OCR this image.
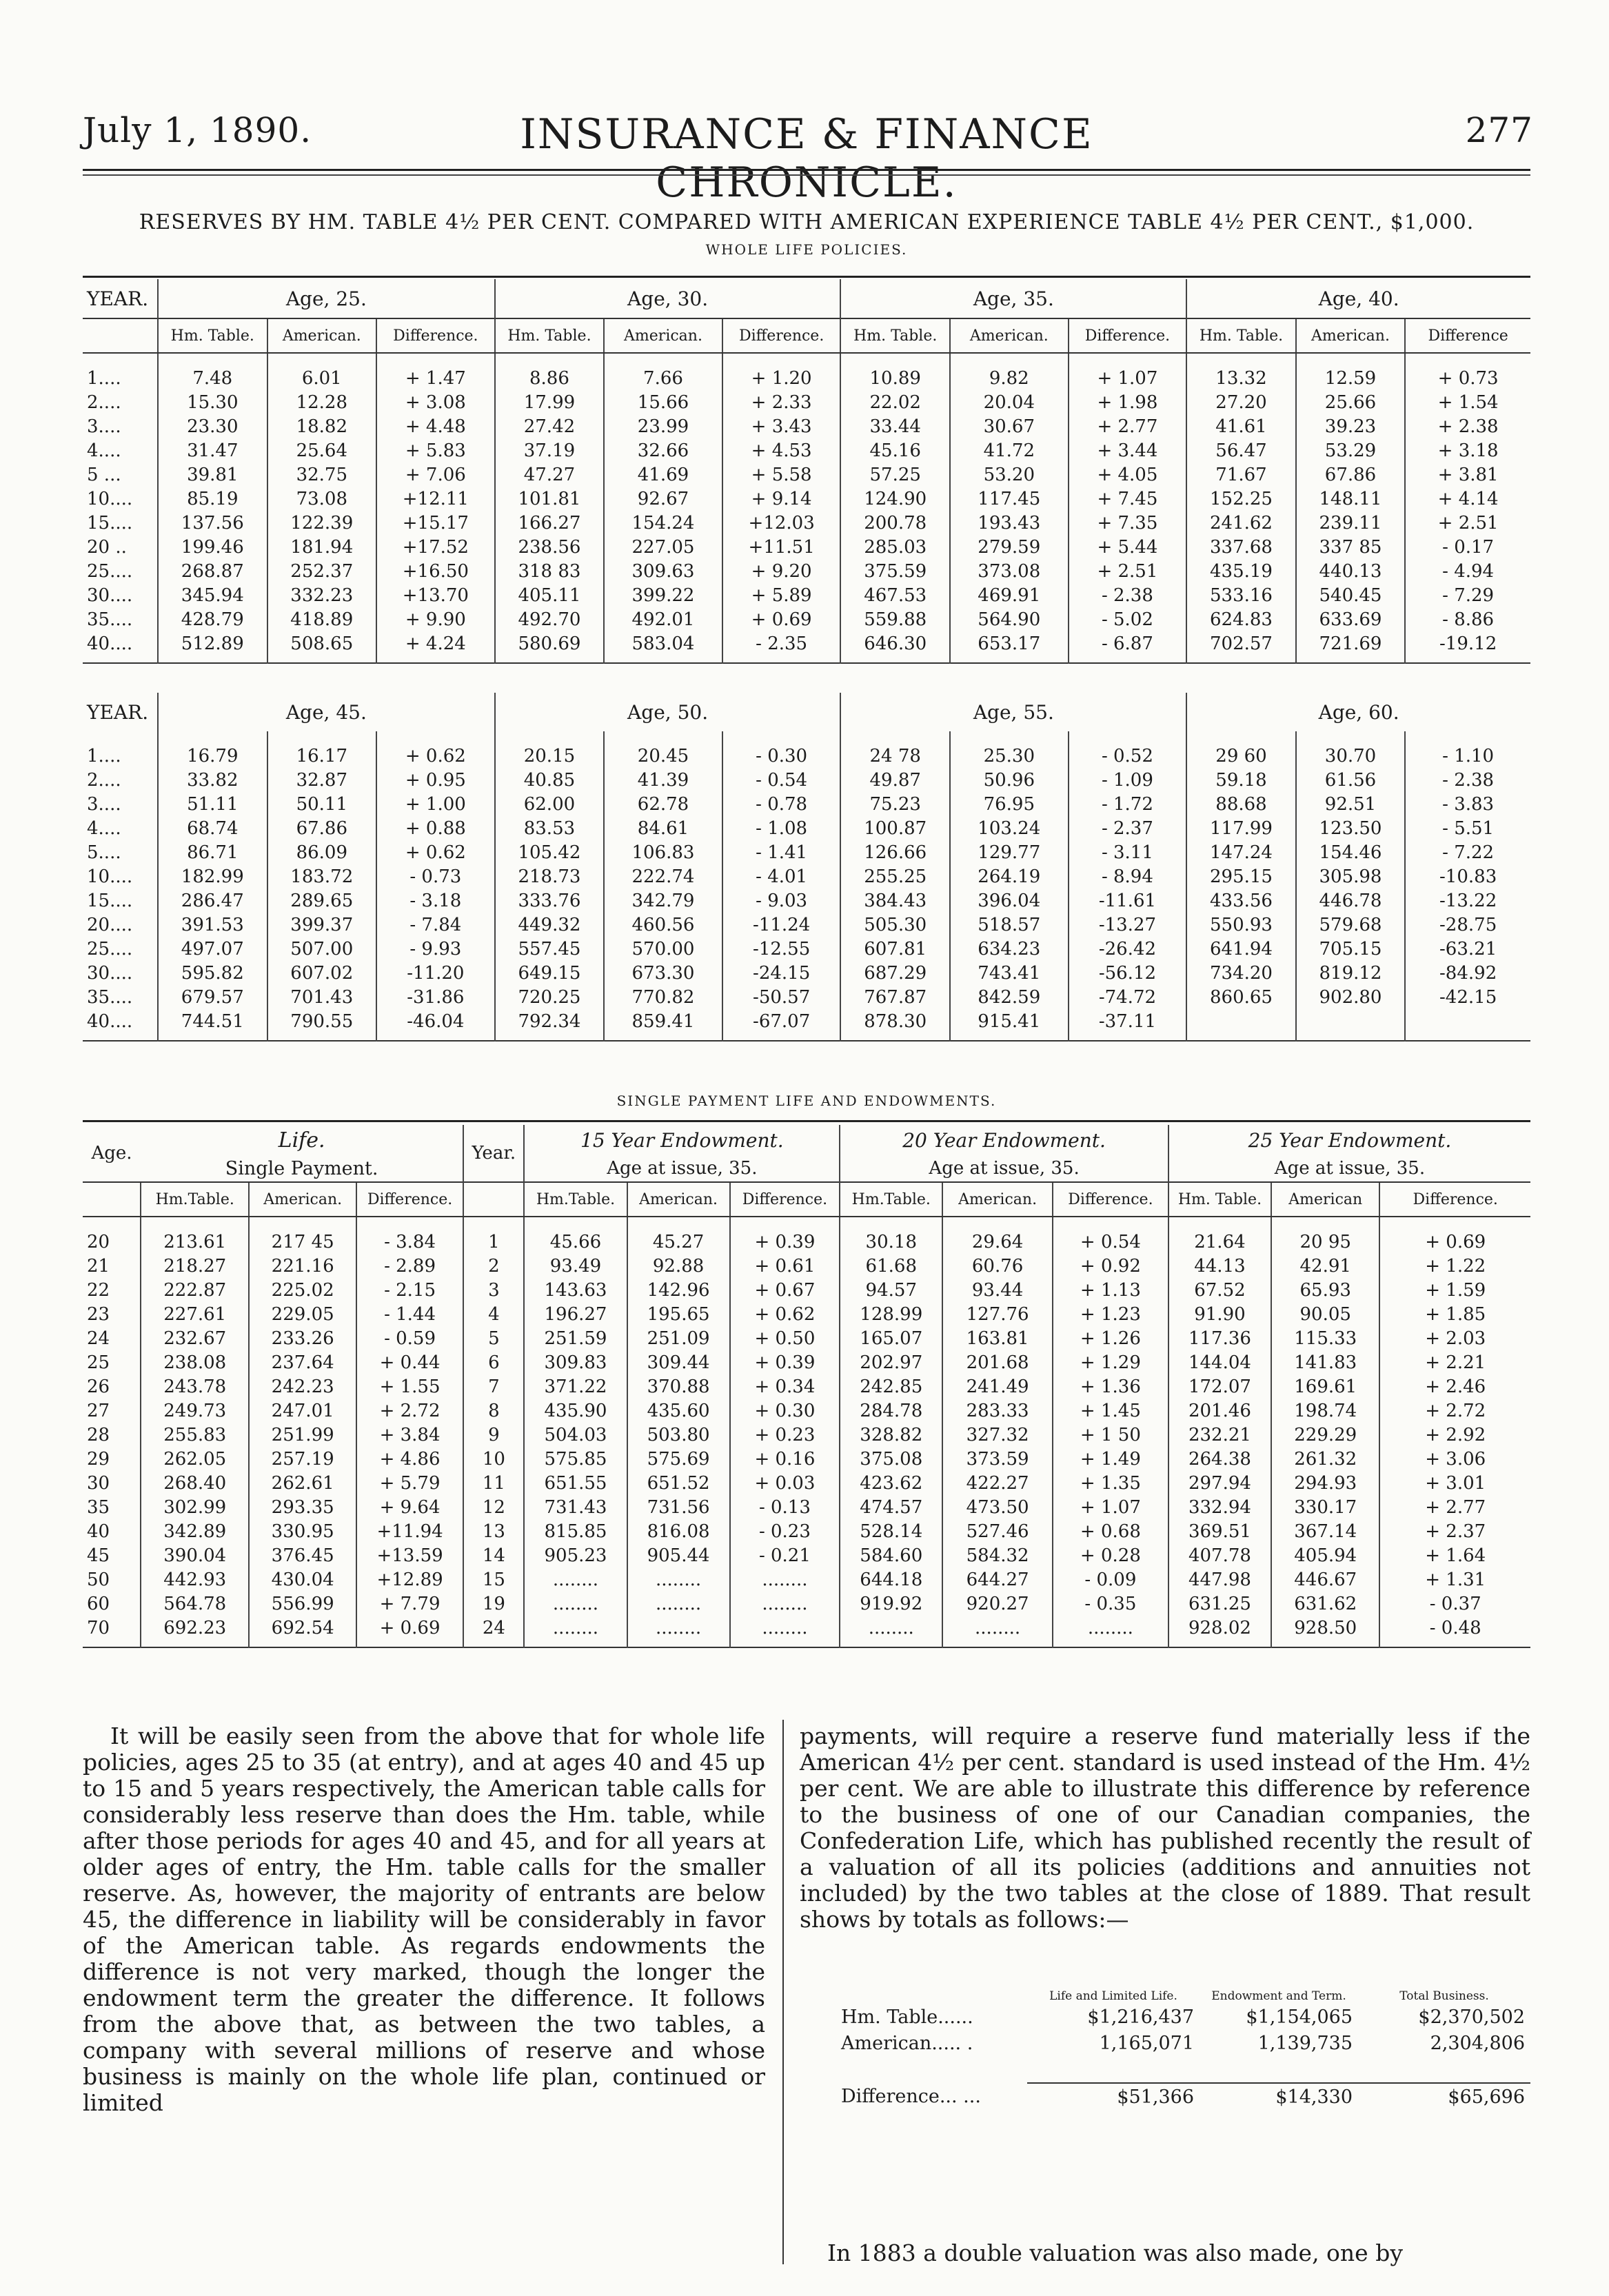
July 1, 1890.	INSURANCE & FINANCE CHRONICLE.
277
RESERVES BY HM. TABLE 4½ PER CENT. COMPARED WITH AMERICAN EXPERIENCE TABLE 4½ PER CENT., $1,000.
WHOLE LIFE POLICIES.
YEAR.	Age, 25.			Age, 30.			Age, 35.			Age, 40.		
	Hm. Table.	American.	Difference.	Hm. Table.	American.	Difference.	Hm. Table.	American.	Difference.	Hm. Table.	American.	Difference
1....	7.48	6.01	+ 1.47	8.86	7.66	+ 1.20	10.89	9.82	+ 1.07	13.32	12.59	+ 0.73
2....	15.30	12.28	+ 3.08	17.99	15.66	+ 2.33	22.02	20.04	+ 1.98	27.20	25.66	+ 1.54
3....	23.30	18.82	+ 4.48	27.42	23.99	+ 3.43	33.44	30.67	+ 2.77	41.61	39.23	+ 2.38
4....	31.47	25.64	+ 5.83	37.19	32.66	+ 4.53	45.16	41.72	+ 3.44	56.47	53.29	+ 3.18
5 ...	39.81	32.75	+ 7.06	47.27	41.69	+ 5.58	57.25	53.20	+ 4.05	71.67	67.86	+ 3.81
10....	85.19	73.08	+12.11	101.81	92.67	+ 9.14	124.90	117.45	+ 7.45	152.25	148.11	+ 4.14
15....	137.56	122.39	+15.17	166.27	154.24	+12.03	200.78	193.43	+ 7.35	241.62	239.11	+ 2.51
20 ..	199.46	181.94	+17.52	238.56	227.05	+11.51	285.03	279.59	+ 5.44	337.68	337 85	- 0.17
25....	268.87	252.37	+16.50	318 83	309.63	+ 9.20	375.59	373.08	+ 2.51	435.19	440.13	- 4.94
30....	345.94	332.23	+13.70	405.11	399.22	+ 5.89	467.53	469.91	- 2.38	533.16	540.45	- 7.29
35....	428.79	418.89	+ 9.90	492.70	492.01	+ 0.69	559.88	564.90	- 5.02	624.83	633.69	- 8.86
40....	512.89	508.65	+ 4.24	580.69	583.04	- 2.35	646.30	653.17	- 6.87	702.57	721.69	-19.12
YEAR.	Age, 45.			Age, 50.			Age, 55.			Age, 60.		
1....	16.79	16.17	+ 0.62	20.15	20.45	- 0.30	24 78	25.30	- 0.52	29 60	30.70	- 1.10
2....	33.82	32.87	+ 0.95	40.85	41.39	- 0.54	49.87	50.96	- 1.09	59.18	61.56	- 2.38
3....	51.11	50.11	+ 1.00	62.00	62.78	- 0.78	75.23	76.95	- 1.72	88.68	92.51	- 3.83
4....	68.74	67.86	+ 0.88	83.53	84.61	- 1.08	100.87	103.24	- 2.37	117.99	123.50	- 5.51
5....	86.71	86.09	+ 0.62	105.42	106.83	- 1.41	126.66	129.77	- 3.11	147.24	154.46	- 7.22
10....	182.99	183.72	- 0.73	218.73	222.74	- 4.01	255.25	264.19	- 8.94	295.15	305.98	-10.83
15....	286.47	289.65	- 3.18	333.76	342.79	- 9.03	384.43	396.04	-11.61	433.56	446.78	-13.22
20....	391.53	399.37	- 7.84	449.32	460.56	-11.24	505.30	518.57	-13.27	550.93	579.68	-28.75
25....	497.07	507.00	- 9.93	557.45	570.00	-12.55	607.81	634.23	-26.42	641.94	705.15	-63.21
30....	595.82	607.02	-11.20	649.15	673.30	-24.15	687.29	743.41	-56.12	734.20	819.12	-84.92
35....	679.57	701.43	-31.86	720.25	770.82	-50.57	767.87	842.59	-74.72	860.65	902.80	-42.15
40....	744.51	790.55	-46.04	792.34	859.41	-67.07	878.30	915.41	-37.11			
SINGLE PAYMENT LIFE AND ENDOWMENTS.
Age.	Life.			Year.	15 Year Endowment.			20 Year Endowment.			25 Year Endowment.		

	Single Payment.				Age at issue, 35.			Age at issue, 35.			Age at issue, 35.		
	Hm.Table.	American.	Difference.		Hm.Table.	American.	Difference.	Hm.Table.	American.	Difference.	Hm. Table.	American	Difference.
20	213.61	217 45	- 3.84	1	45.66	45.27	+ 0.39	30.18	29.64	+ 0.54	21.64	20 95	+ 0.69
21	218.27	221.16	- 2.89	2	93.49	92.88	+ 0.61	61.68	60.76	+ 0.92	44.13	42.91	+ 1.22
22	222.87	225.02	- 2.15	3	143.63	142.96	+ 0.67	94.57	93.44	+ 1.13	67.52	65.93	+ 1.59
23	227.61	229.05	- 1.44	4	196.27	195.65	+ 0.62	128.99	127.76	+ 1.23	91.90	90.05	+ 1.85
24	232.67	233.26	- 0.59	5	251.59	251.09	+ 0.50	165.07	163.81	+ 1.26	117.36	115.33	+ 2.03
25	238.08	237.64	+ 0.44	6	309.83	309.44	+ 0.39	202.97	201.68	+ 1.29	144.04	141.83	+ 2.21
26	243.78	242.23	+ 1.55	7	371.22	370.88	+ 0.34	242.85	241.49	+ 1.36	172.07	169.61	+ 2.46
27	249.73	247.01	+ 2.72	8	435.90	435.60	+ 0.30	284.78	283.33	+ 1.45	201.46	198.74	+ 2.72
28	255.83	251.99	+ 3.84	9	504.03	503.80	+ 0.23	328.82	327.32	+ 1 50	232.21	229.29	+ 2.92
29	262.05	257.19	+ 4.86	10	575.85	575.69	+ 0.16	375.08	373.59	+ 1.49	264.38	261.32	+ 3.06
30	268.40	262.61	+ 5.79	11	651.55	651.52	+ 0.03	423.62	422.27	+ 1.35	297.94	294.93	+ 3.01
35	302.99	293.35	+ 9.64	12	731.43	731.56	- 0.13	474.57	473.50	+ 1.07	332.94	330.17	+ 2.77
40	342.89	330.95	+11.94	13	815.85	816.08	- 0.23	528.14	527.46	+ 0.68	369.51	367.14	+ 2.37
45	390.04	376.45	+13.59	14	905.23	905.44	- 0.21	584.60	584.32	+ 0.28	407.78	405.94	+ 1.64
50	442.93	430.04	+12.89	15	........	........	........	644.18	644.27	- 0.09	447.98	446.67	+ 1.31
60	564.78	556.99	+ 7.79	19	........	........	........	919.92	920.27	- 0.35	631.25	631.62	- 0.37
70	692.23	692.54	+ 0.69	24	........	........	........	........	........	........	928.02	928.50	- 0.48

It will be easily seen from the above that for whole life policies, ages 25 to 35 (at entry), and at ages 40 and 45 up to 15 and 5 years respectively, the American table calls for considerably less reserve than does the Hm. table, while after those periods for ages 40 and 45, and for all years at older ages of entry, the Hm. table calls for the smaller reserve. As, however, the majority of entrants are below 45, the difference in liability will be considerably in favor of the American table. As regards endowments the difference is not very marked, though the longer the endowment term the greater the difference. It follows from the above that, as between the two tables, a company with several millions of reserve and whose business is mainly on the whole life plan, continued or limited

payments, will require a reserve fund materially less if the American 4½ per cent. standard is used instead of the Hm. 4½ per cent. We are able to illustrate this difference by reference to the business of one of our Canadian companies, the Confederation Life, which has published recently the result of a valuation of all its policies (additions and annuities not included) by the two tables at the close of 1889. That result shows by totals as follows:—

	Life and Limited Life.	Endowment and Term.	Total Business.
Hm. Table......	$1,216,437	$1,154,065	$2,370,502
American..... .	1,165,071	1,139,735	2,304,806

Difference... ...	$51,366	$14,330	$65,696

In 1883 a double valuation was also made, one by
